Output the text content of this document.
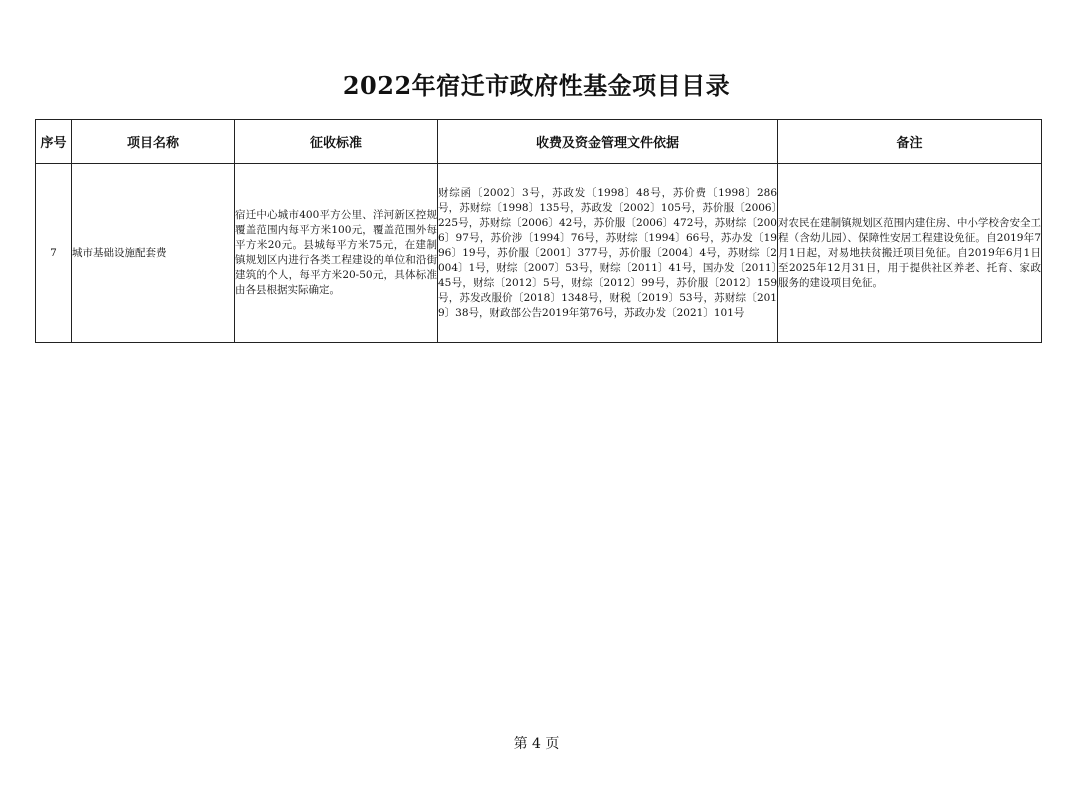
2022年宿迁市政府性基金项目目录
序号	项目名称	征收标准	收费及资金管理文件依据	备注
7	城市基础设施配套费	宿迁中心城市400平方公里、洋河新区控规覆盖范围内每平方米100元，覆盖范围外每平方米20元。县城每平方米75元，在建制镇规划区内进行各类工程建设的单位和沿街建筑的个人，每平方米20-50元，具体标准由各县根据实际确定。	财综函〔2002〕3号，苏政发〔1998〕48号，苏价费〔1998〕286号，苏财综〔1998〕135号，苏政发〔2002〕105号，苏价服〔2006〕225号，苏财综〔2006〕42号，苏价服〔2006〕472号，苏财综〔2006〕97号，苏价涉〔1994〕76号，苏财综〔1994〕66号，苏办发〔1996〕19号，苏价服〔2001〕377号，苏价服〔2004〕4号，苏财综〔2004〕1号，财综〔2007〕53号，财综〔2011〕41号，国办发〔2011〕45号，财综〔2012〕5号，财综〔2012〕99号，苏价服〔2012〕159号，苏发改服价〔2018〕1348号，财税〔2019〕53号，苏财综〔2019〕38号，财政部公告2019年第76号，苏政办发〔2021〕101号	对农民在建制镇规划区范围内建住房、中小学校舍安全工程（含幼儿园）、保障性安居工程建设免征。自2019年7月1日起，对易地扶贫搬迁项目免征。自2019年6月1日至2025年12月31日，用于提供社区养老、托育、家政服务的建设项目免征。
第 4 页
